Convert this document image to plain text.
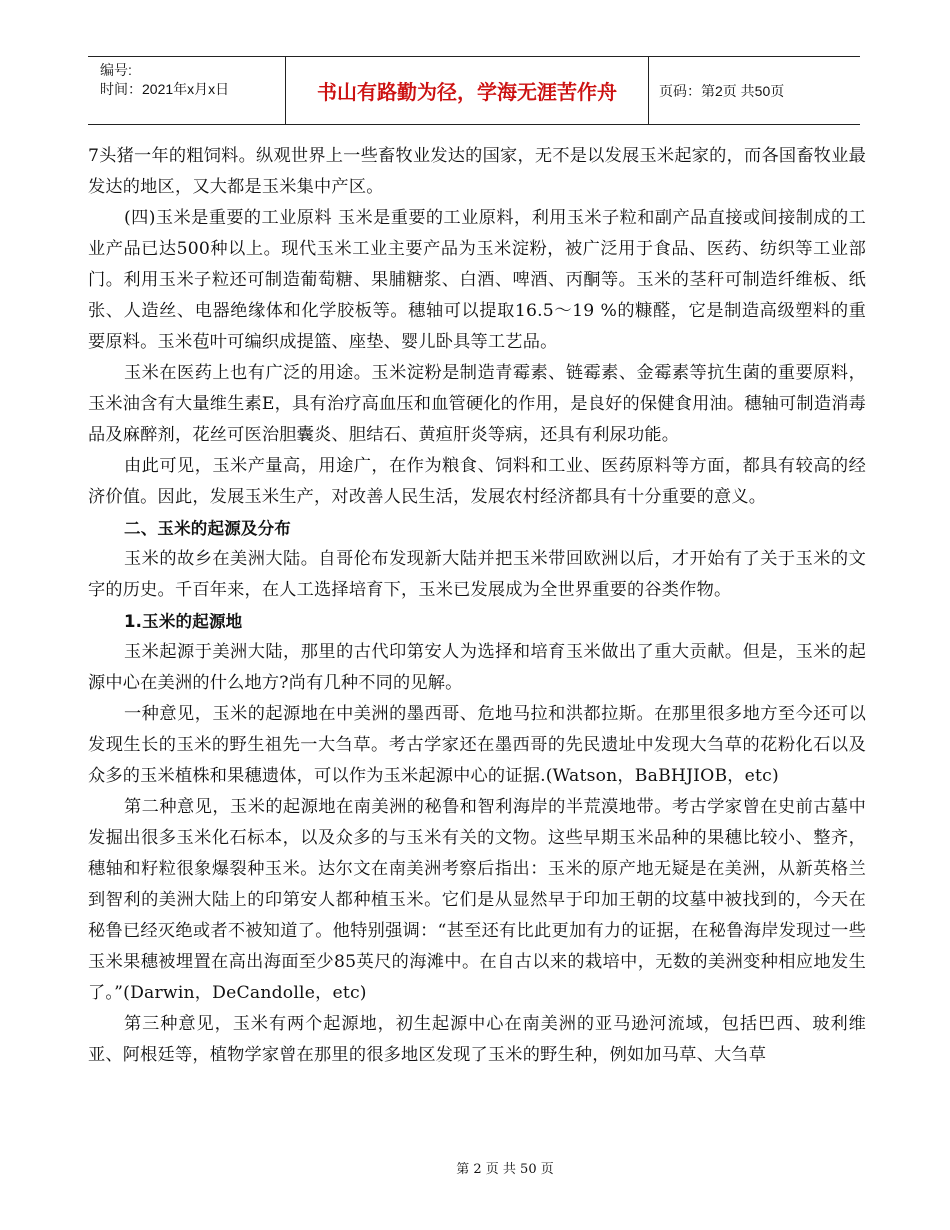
编号:
时间：2021年x月x日	书山有路勤为径，学海无涯苦作舟	页码：第2页 共50页

7头猪一年的粗饲料。纵观世界上一些畜牧业发达的国家，无不是以发展玉米起家的，而各国畜牧业最发达的地区，又大都是玉米集中产区。

(四)玉米是重要的工业原料 玉米是重要的工业原料，利用玉米子粒和副产品直接或间接制成的工业产品已达500种以上。现代玉米工业主要产品为玉米淀粉，被广泛用于食品、医药、纺织等工业部门。利用玉米子粒还可制造葡萄糖、果脯糖浆、白酒、啤酒、丙酮等。玉米的茎秆可制造纤维板、纸张、人造丝、电器绝缘体和化学胶板等。穗轴可以提取16.5～19 %的糠醛，它是制造高级塑料的重要原料。玉米苞叶可编织成提篮、座垫、婴儿卧具等工艺品。

玉米在医药上也有广泛的用途。玉米淀粉是制造青霉素、链霉素、金霉素等抗生菌的重要原料，玉米油含有大量维生素E，具有治疗高血压和血管硬化的作用，是良好的保健食用油。穗轴可制造消毒品及麻醉剂，花丝可医治胆囊炎、胆结石、黄疸肝炎等病，还具有利尿功能。

由此可见，玉米产量高，用途广，在作为粮食、饲料和工业、医药原料等方面，都具有较高的经济价值。因此，发展玉米生产，对改善人民生活，发展农村经济都具有十分重要的意义。

二、玉米的起源及分布

玉米的故乡在美洲大陆。自哥伦布发现新大陆并把玉米带回欧洲以后，才开始有了关于玉米的文字的历史。千百年来，在人工选择培育下，玉米已发展成为全世界重要的谷类作物。

1.玉米的起源地

玉米起源于美洲大陆，那里的古代印第安人为选择和培育玉米做出了重大贡献。但是，玉米的起源中心在美洲的什么地方?尚有几种不同的见解。

一种意见，玉米的起源地在中美洲的墨西哥、危地马拉和洪都拉斯。在那里很多地方至今还可以发现生长的玉米的野生祖先一大刍草。考古学家还在墨西哥的先民遗址中发现大刍草的花粉化石以及众多的玉米植株和果穗遗体，可以作为玉米起源中心的证据.(Watson，BaBHJIOB，etc)

第二种意见，玉米的起源地在南美洲的秘鲁和智利海岸的半荒漠地带。考古学家曾在史前古墓中发掘出很多玉米化石标本，以及众多的与玉米有关的文物。这些早期玉米品种的果穗比较小、整齐，穗轴和籽粒很象爆裂种玉米。达尔文在南美洲考察后指出：玉米的原产地无疑是在美洲，从新英格兰到智利的美洲大陆上的印第安人都种植玉米。它们是从显然早于印加王朝的坟墓中被找到的，今天在秘鲁已经灭绝或者不被知道了。他特别强调：“甚至还有比此更加有力的证据，在秘鲁海岸发现过一些玉米果穗被埋置在高出海面至少85英尺的海滩中。在自古以来的栽培中，无数的美洲变种相应地发生了。”(Darwin，DeCandolle，etc)

第三种意见，玉米有两个起源地，初生起源中心在南美洲的亚马逊河流域，包括巴西、玻利维亚、阿根廷等，植物学家曾在那里的很多地区发现了玉米的野生种，例如加马草、大刍草

第 2 页 共 50 页
